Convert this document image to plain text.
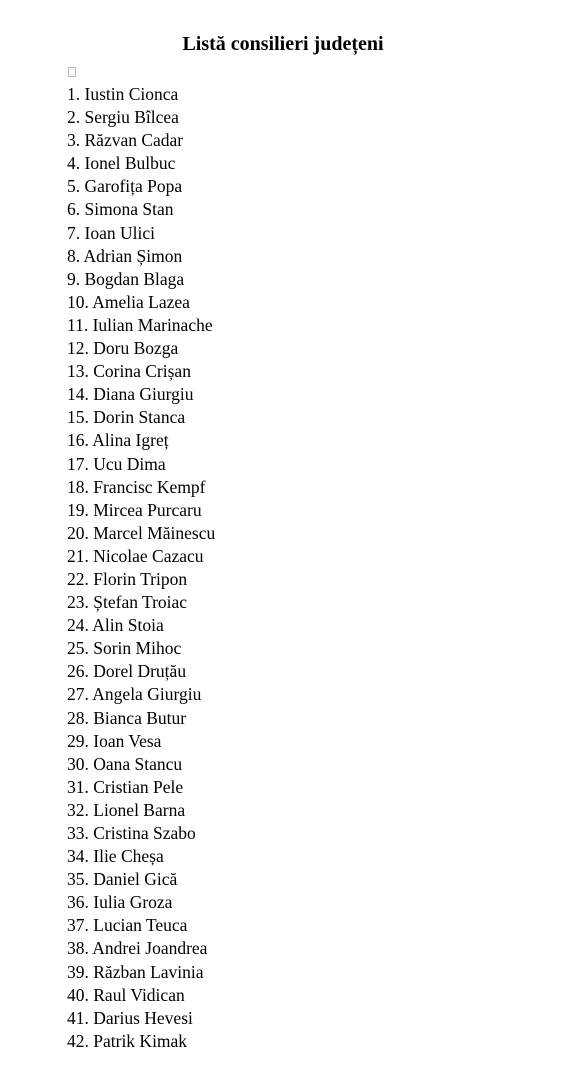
Listă consilieri județeni
1. Iustin Cionca
2. Sergiu Bîlcea
3. Răzvan Cadar
4. Ionel Bulbuc
5. Garofița Popa
6. Simona Stan
7. Ioan Ulici
8. Adrian Șimon
9. Bogdan Blaga
10. Amelia Lazea
11. Iulian Marinache
12. Doru Bozga
13. Corina Crișan
14. Diana Giurgiu
15. Dorin Stanca
16. Alina Igreț
17. Ucu Dima
18. Francisc Kempf
19. Mircea Purcaru
20. Marcel Măinescu
21. Nicolae Cazacu
22. Florin Tripon
23. Ștefan Troiac
24. Alin Stoia
25. Sorin Mihoc
26. Dorel Druțău
27. Angela Giurgiu
28. Bianca Butur
29. Ioan Vesa
30. Oana Stancu
31. Cristian Pele
32. Lionel Barna
33. Cristina Szabo
34. Ilie Cheșa
35. Daniel Gică
36. Iulia Groza
37. Lucian Teuca
38. Andrei Joandrea
39. Răzban Lavinia
40. Raul Vidican
41. Darius Hevesi
42. Patrik Kimak
